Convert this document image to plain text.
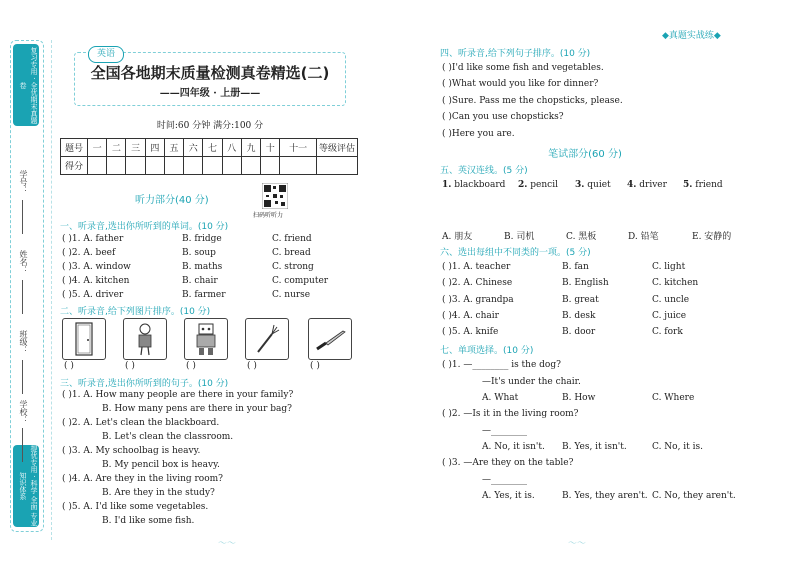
复习专用 · 全优期末真题卷
提优专用 · 科学 全面 专业 知识体系
学号：
姓名：
班级：
学校：
英语
全国各地期末质量检测真卷精选(二)
——四年级 · 上册——
时间:60 分钟 满分:100 分
题号	一	二	三	四	五	六	七	八	九	十	十一	等级评估
得分												
听力部分(40 分)
扫码听听力
一、听录音,选出你所听到的单词。(10 分)
( )1. A. father	B. fridge	C. friend
( )2. A. beef	B. soup	C. bread
( )3. A. window	B. maths	C. strong
( )4. A. kitchen	B. chair	C. computer
( )5. A. driver	B. farmer	C. nurse
二、听录音,给下列图片排序。(10 分)
( )	( )	( )	( )	( )
三、听录音,选出你所听到的句子。(10 分)
( )1. A. How many people are there in your family?
B. How many pens are there in your bag?
( )2. A. Let's clean the blackboard.
B. Let's clean the classroom.
( )3. A. My schoolbag is heavy.
B. My pencil box is heavy.
( )4. A. Are they in the living room?
B. Are they in the study?
( )5. A. I'd like some vegetables.
B. I'd like some fish.
〜〜
◆真题实战练◆
四、听录音,给下列句子排序。(10 分)
( )I'd like some fish and vegetables.
( )What would you like for dinner?
( )Sure. Pass me the chopsticks, please.
( )Can you use chopsticks?
( )Here you are.
笔试部分(60 分)
五、英汉连线。(5 分)
1. blackboard 2. pencil 3. quiet 4. driver 5. friend
A. 朋友	B. 司机	C. 黑板	D. 铅笔	E. 安静的
六、选出每组中不同类的一项。(5 分)
( )1. A. teacher	B. fan	C. light
( )2. A. Chinese	B. English	C. kitchen
( )3. A. grandpa	B. great	C. uncle
( )4. A. chair	B. desk	C. juice
( )5. A. knife	B. door	C. fork
七、单项选择。(10 分)
( )1. —________ is the dog?
—It's under the chair.
A. What	B. How	C. Where
( )2. —Is it in the living room?
—________
A. No, it isn't. B. Yes, it isn't.	C. No, it is.
( )3. —Are they on the table?
—________
A. Yes, it is.	B. Yes, they aren't. C. No, they aren't.
〜〜
